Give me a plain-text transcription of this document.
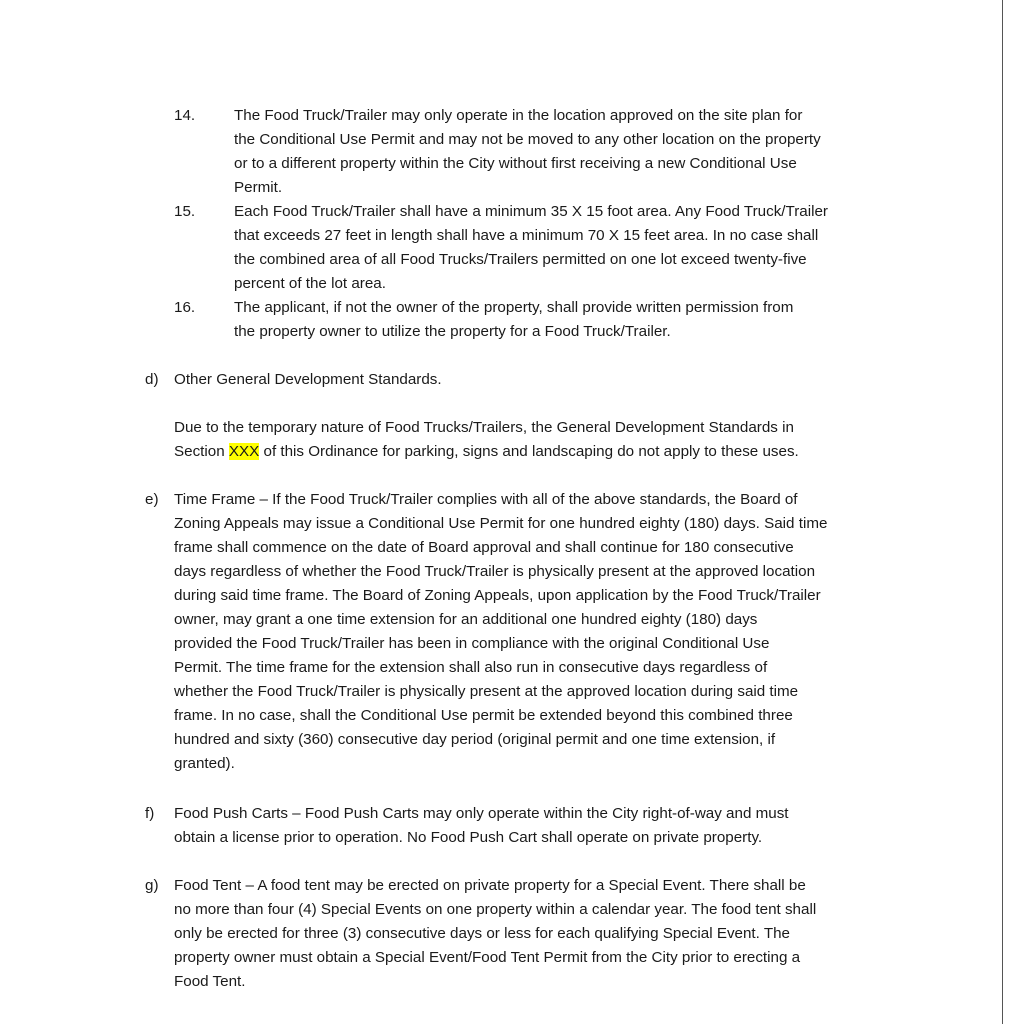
14.	The Food Truck/Trailer may only operate in the location approved on the site plan for
the Conditional Use Permit and may not be moved to any other location on the property
or to a different property within the City without first receiving a new Conditional Use
Permit.
15.	Each Food Truck/Trailer shall have a minimum 35 X 15 foot area. Any Food Truck/Trailer
that exceeds 27 feet in length shall have a minimum 70 X 15 feet area. In no case shall
the combined area of all Food Trucks/Trailers permitted on one lot exceed twenty-five
percent of the lot area.
16.	The applicant, if not the owner of the property, shall provide written permission from
the property owner to utilize the property for a Food Truck/Trailer.
d) Other General Development Standards.
Due to the temporary nature of Food Trucks/Trailers, the General Development Standards in
Section XXX of this Ordinance for parking, signs and landscaping do not apply to these uses.
e) Time Frame – If the Food Truck/Trailer complies with all of the above standards, the Board of
Zoning Appeals may issue a Conditional Use Permit for one hundred eighty (180) days. Said time
frame shall commence on the date of Board approval and shall continue for 180 consecutive
days regardless of whether the Food Truck/Trailer is physically present at the approved location
during said time frame. The Board of Zoning Appeals, upon application by the Food Truck/Trailer
owner, may grant a one time extension for an additional one hundred eighty (180) days
provided the Food Truck/Trailer has been in compliance with the original Conditional Use
Permit. The time frame for the extension shall also run in consecutive days regardless of
whether the Food Truck/Trailer is physically present at the approved location during said time
frame. In no case, shall the Conditional Use permit be extended beyond this combined three
hundred and sixty (360) consecutive day period (original permit and one time extension, if
granted).
f) Food Push Carts – Food Push Carts may only operate within the City right-of-way and must
obtain a license prior to operation. No Food Push Cart shall operate on private property.
g) Food Tent – A food tent may be erected on private property for a Special Event. There shall be
no more than four (4) Special Events on one property within a calendar year. The food tent shall
only be erected for three (3) consecutive days or less for each qualifying Special Event. The
property owner must obtain a Special Event/Food Tent Permit from the City prior to erecting a
Food Tent.
